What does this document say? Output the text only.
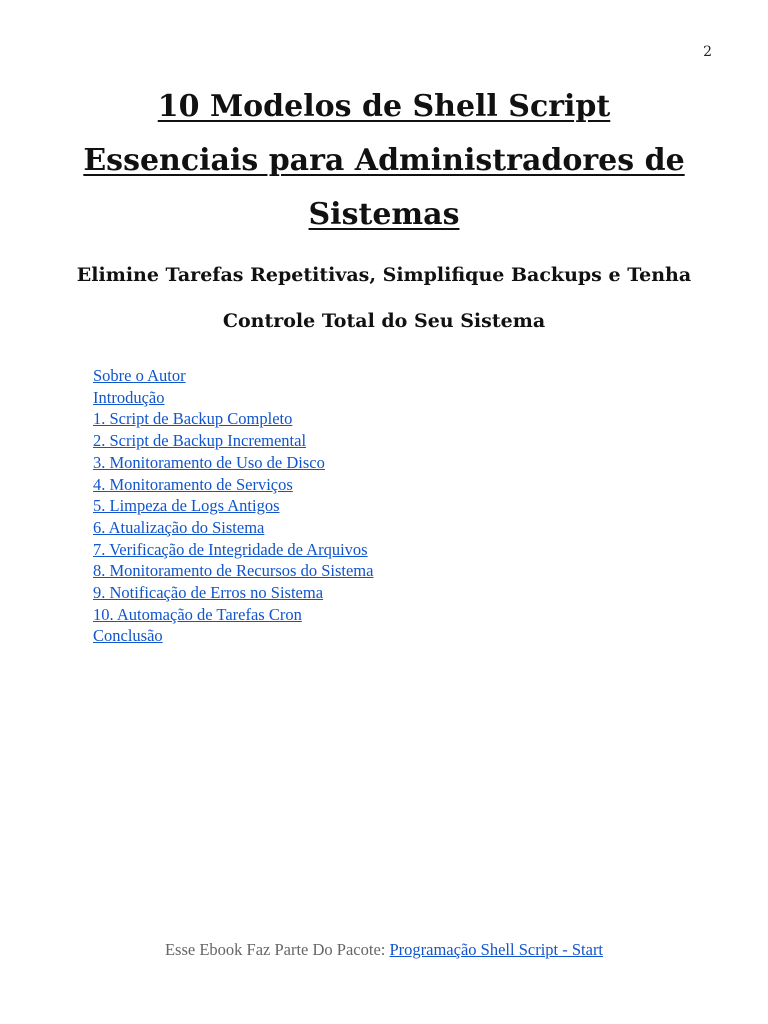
2
10 Modelos de Shell Script
Essenciais para Administradores de
Sistemas
Elimine Tarefas Repetitivas, Simplifique Backups e Tenha
Controle Total do Seu Sistema
Sobre o Autor
Introdução
1. Script de Backup Completo
2. Script de Backup Incremental
3. Monitoramento de Uso de Disco
4. Monitoramento de Serviços
5. Limpeza de Logs Antigos
6. Atualização do Sistema
7. Verificação de Integridade de Arquivos
8. Monitoramento de Recursos do Sistema
9. Notificação de Erros no Sistema
10. Automação de Tarefas Cron
Conclusão
Esse Ebook Faz Parte Do Pacote: Programação Shell Script - Start
